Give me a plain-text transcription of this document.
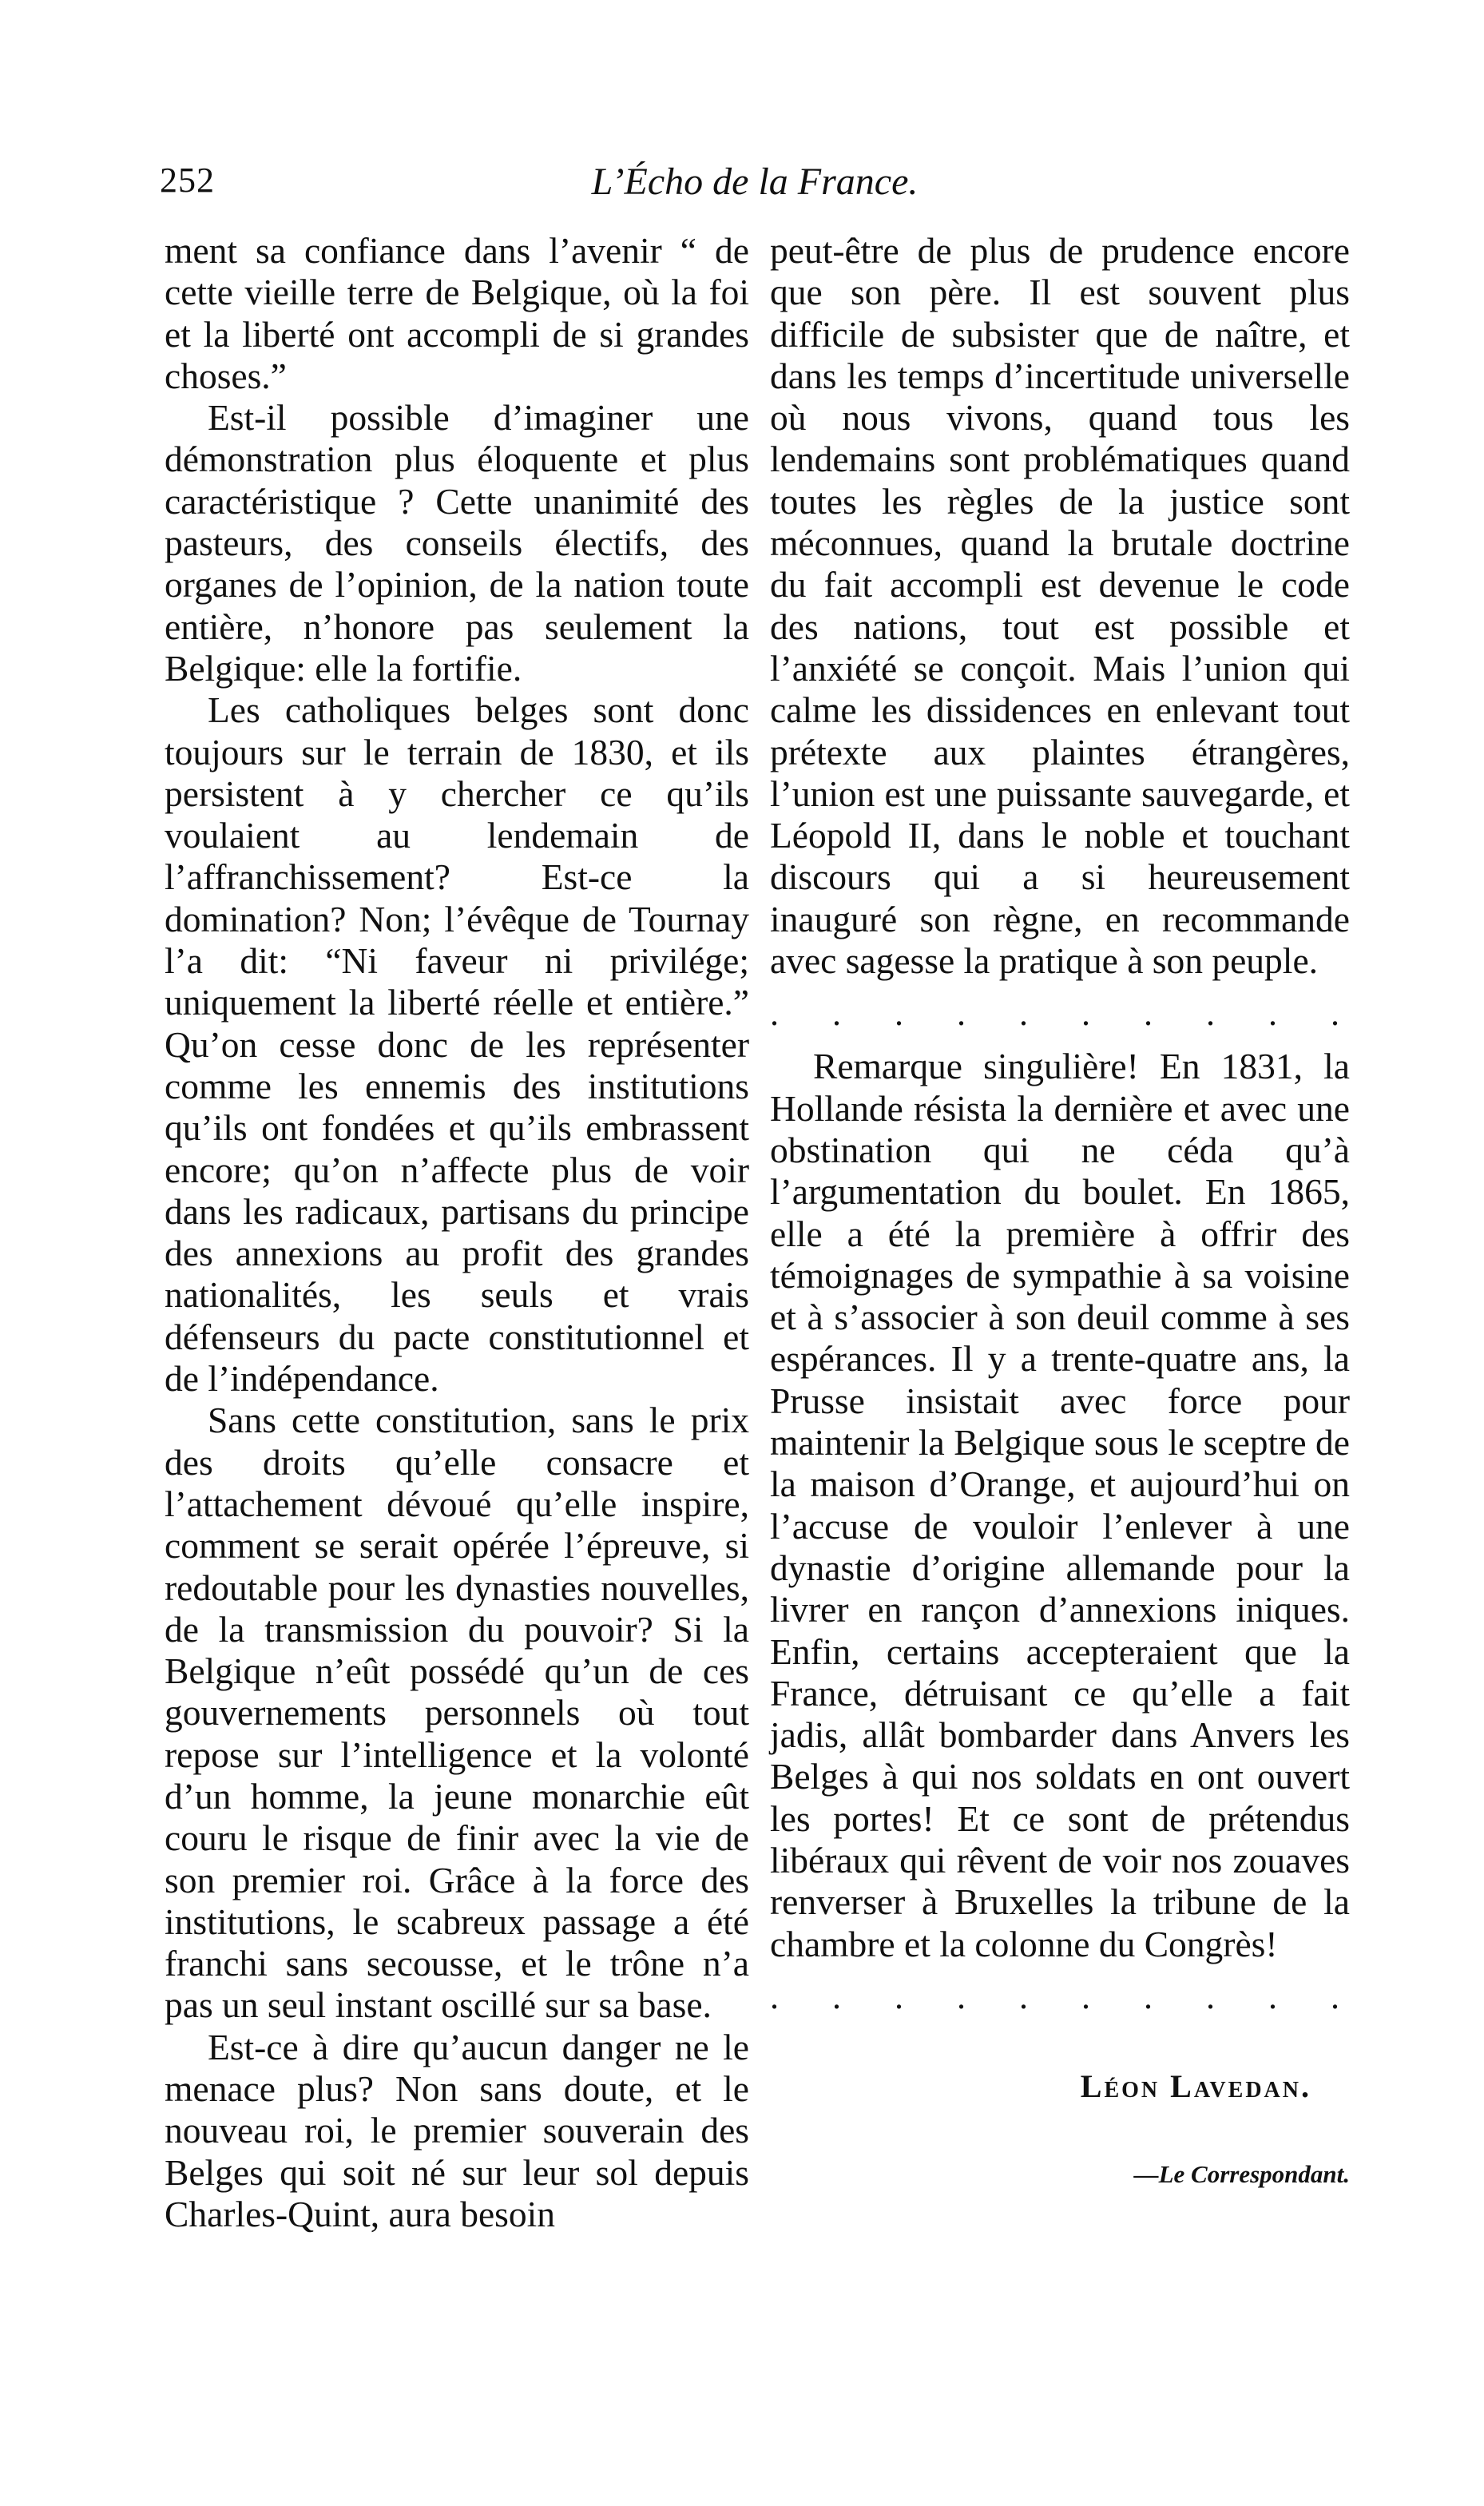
252	L’Écho de la France.

ment sa confiance dans l’avenir “ de cette vieille terre de Belgique, où la foi et la liberté ont accompli de si grandes choses.”

Est-il possible d’imaginer une démonstration plus éloquente et plus caractéristique ? Cette unanimité des pasteurs, des conseils électifs, des organes de l’opinion, de la nation toute entière, n’honore pas seulement la Belgique: elle la fortifie.

Les catholiques belges sont donc toujours sur le terrain de 1830, et ils persistent à y chercher ce qu’ils voulaient au lendemain de l’affranchissement? Est-ce la domination? Non; l’évêque de Tournay l’a dit: “Ni faveur ni privilége; uniquement la liberté réelle et entière.” Qu’on cesse donc de les représenter comme les ennemis des institutions qu’ils ont fondées et qu’ils embrassent encore; qu’on n’affecte plus de voir dans les radicaux, partisans du principe des annexions au profit des grandes nationalités, les seuls et vrais défenseurs du pacte constitutionnel et de l’indépendance.

Sans cette constitution, sans le prix des droits qu’elle consacre et l’attachement dévoué qu’elle inspire, comment se serait opérée l’épreuve, si redoutable pour les dynasties nouvelles, de la transmission du pouvoir? Si la Belgique n’eût possédé qu’un de ces gouvernements personnels où tout repose sur l’intelligence et la volonté d’un homme, la jeune monarchie eût couru le risque de finir avec la vie de son premier roi. Grâce à la force des institutions, le scabreux passage a été franchi sans secousse, et le trône n’a pas un seul instant oscillé sur sa base.

Est-ce à dire qu’aucun danger ne le menace plus? Non sans doute, et le nouveau roi, le premier souverain des Belges qui soit né sur leur sol depuis Charles-Quint, aura besoin

peut-être de plus de prudence encore que son père. Il est souvent plus difficile de subsister que de naître, et dans les temps d’incertitude universelle où nous vivons, quand tous les lendemains sont problématiques quand toutes les règles de la justice sont méconnues, quand la brutale doctrine du fait accompli est devenue le code des nations, tout est possible et l’anxiété se conçoit. Mais l’union qui calme les dissidences en enlevant tout prétexte aux plaintes étrangères, l’union est une puissante sauvegarde, et Léopold II, dans le noble et touchant discours qui a si heureusement inauguré son règne, en recommande avec sagesse la pratique à son peuple.

. . . . . . . . . .

Remarque singulière! En 1831, la Hollande résista la dernière et avec une obstination qui ne céda qu’à l’argumentation du boulet. En 1865, elle a été la première à offrir des témoignages de sympathie à sa voisine et à s’associer à son deuil comme à ses espérances. Il y a trente-quatre ans, la Prusse insistait avec force pour maintenir la Belgique sous le sceptre de la maison d’Orange, et aujourd’hui on l’accuse de vouloir l’enlever à une dynastie d’origine allemande pour la livrer en rançon d’annexions iniques. Enfin, certains accepteraient que la France, détruisant ce qu’elle a fait jadis, allât bombarder dans Anvers les Belges à qui nos soldats en ont ouvert les portes! Et ce sont de prétendus libéraux qui rêvent de voir nos zouaves renverser à Bruxelles la tribune de la chambre et la colonne du Congrès!

. . . . . . . . . .
Léon Lavedan.
—Le Correspondant.
